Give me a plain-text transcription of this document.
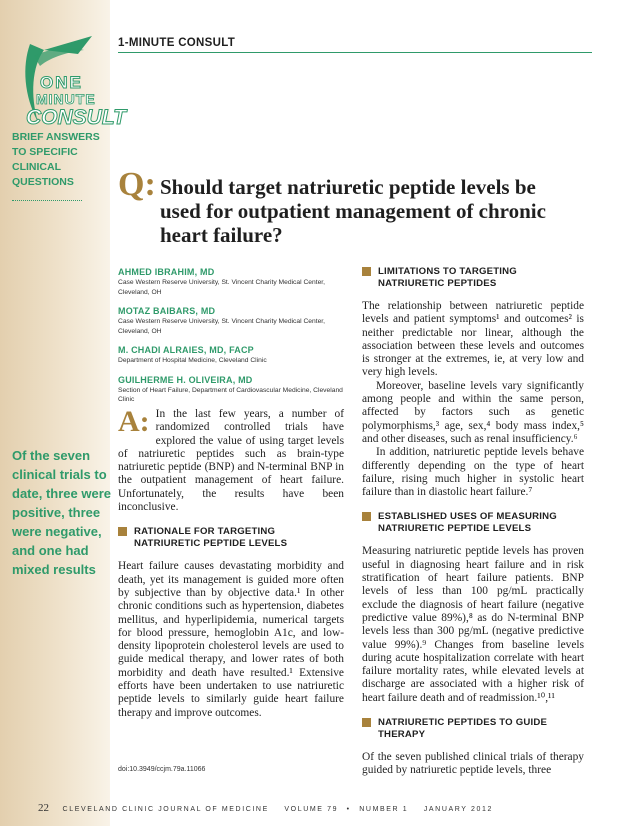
ONE
MINUTE
CONSULT
BRIEF ANSWERS TO SPECIFIC CLINICAL QUESTIONS
Of the seven clinical trials to date, three were positive, three were negative, and one had mixed results
1-MINUTE CONSULT
Q: Should target natriuretic peptide levels be used for outpatient management of chronic heart failure?
AHMED IBRAHIM, MD
Case Western Reserve University, St. Vincent Charity Medical Center, Cleveland, OH
MOTAZ BAIBARS, MD
Case Western Reserve University, St. Vincent Charity Medical Center, Cleveland, OH
M. CHADI ALRAIES, MD, FACP
Department of Hospital Medicine, Cleveland Clinic
GUILHERME H. OLIVEIRA, MD
Section of Heart Failure, Department of Cardiovascular Medicine, Cleveland Clinic

A: In the last few years, a number of randomized controlled trials have explored the value of using target levels of natriuretic peptides such as brain-type natriuretic peptide (BNP) and N-terminal BNP in the outpatient management of heart failure. Unfortunately, the results have been inconclusive.

RATIONALE FOR TARGETING NATRIURETIC PEPTIDE LEVELS

Heart failure causes devastating morbidity and death, yet its management is guided more often by subjective than by objective data.¹ In other chronic conditions such as hypertension, diabetes mellitus, and hyperlipidemia, numerical targets for blood pressure, hemoglobin A1c, and low-density lipoprotein cholesterol levels are used to guide medical therapy, and lower rates of both morbidity and death have resulted.¹ Extensive efforts have been undertaken to use natriuretic peptide levels to similarly guide heart failure therapy and improve outcomes.

LIMITATIONS TO TARGETING NATRIURETIC PEPTIDES

The relationship between natriuretic peptide levels and patient symptoms¹ and outcomes² is neither predictable nor linear, although the association between these levels and outcomes is stronger at the extremes, ie, at very low and very high levels.

Moreover, baseline levels vary significantly among people and within the same person, affected by factors such as genetic polymorphisms,³ age, sex,⁴ body mass index,⁵ and other diseases, such as renal insufficiency.⁶

In addition, natriuretic peptide levels behave differently depending on the type of heart failure, rising much higher in systolic heart failure than in diastolic heart failure.⁷

ESTABLISHED USES OF MEASURING NATRIURETIC PEPTIDE LEVELS

Measuring natriuretic peptide levels has proven useful in diagnosing heart failure and in risk stratification of heart failure patients. BNP levels of less than 100 pg/mL practically exclude the diagnosis of heart failure (negative predictive value 89%),⁸ as do N-terminal BNP levels less than 300 pg/mL (negative predictive value 99%).⁹ Changes from baseline levels during acute hospitalization correlate with heart failure mortality rates, while elevated levels at discharge are associated with a higher risk of heart failure death and of readmission.¹⁰,¹¹

NATRIURETIC PEPTIDES TO GUIDE THERAPY

Of the seven published clinical trials of therapy guided by natriuretic peptide levels, three

doi:10.3949/ccjm.79a.11066
22 CLEVELAND CLINIC JOURNAL OF MEDICINE VOLUME 79 • NUMBER 1 JANUARY 2012
